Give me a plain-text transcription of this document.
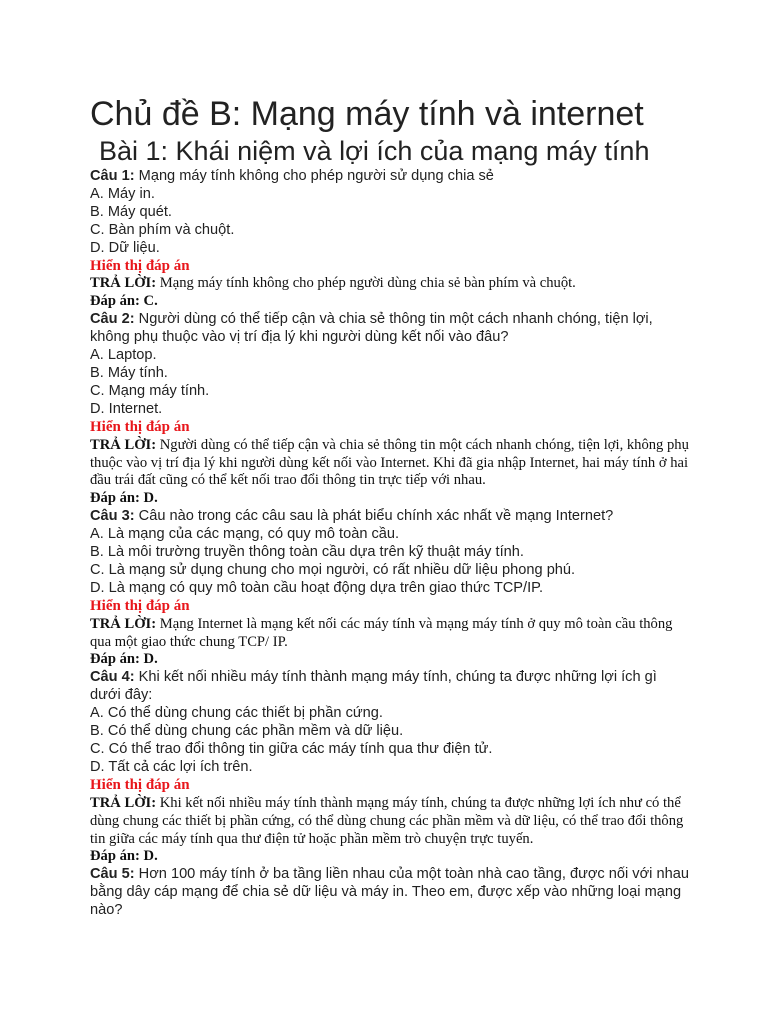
Chủ đề B: Mạng máy tính và internet
Bài 1: Khái niệm và lợi ích của mạng máy tính
Câu 1: Mạng máy tính không cho phép người sử dụng chia sẻ
A. Máy in.
B. Máy quét.
C. Bàn phím và chuột.
D. Dữ liệu.
Hiển thị đáp án
TRẢ LỜI: Mạng máy tính không cho phép người dùng chia sẻ bàn phím và chuột.
Đáp án: C.
Câu 2: Người dùng có thể tiếp cận và chia sẻ thông tin một cách nhanh chóng, tiện lợi, không phụ thuộc vào vị trí địa lý khi người dùng kết nối vào đâu?
A. Laptop.
B. Máy tính.
C. Mạng máy tính.
D. Internet.
Hiển thị đáp án
TRẢ LỜI: Người dùng có thể tiếp cận và chia sẻ thông tin một cách nhanh chóng, tiện lợi, không phụ thuộc vào vị trí địa lý khi người dùng kết nối vào Internet. Khi đã gia nhập Internet, hai máy tính ở hai đầu trái đất cũng có thể kết nối trao đổi thông tin trực tiếp với nhau.
Đáp án: D.
Câu 3: Câu nào trong các câu sau là phát biểu chính xác nhất về mạng Internet?
A. Là mạng của các mạng, có quy mô toàn cầu.
B. Là môi trường truyền thông toàn cầu dựa trên kỹ thuật máy tính.
C. Là mạng sử dụng chung cho mọi người, có rất nhiều dữ liệu phong phú.
D. Là mạng có quy mô toàn cầu hoạt động dựa trên giao thức TCP/IP.
Hiển thị đáp án
TRẢ LỜI: Mạng Internet là mạng kết nối các máy tính và mạng máy tính ở quy mô toàn cầu thông qua một giao thức chung TCP/ IP.
Đáp án: D.
Câu 4: Khi kết nối nhiều máy tính thành mạng máy tính, chúng ta được những lợi ích gì dưới đây:
A. Có thể dùng chung các thiết bị phần cứng.
B. Có thể dùng chung các phần mềm và dữ liệu.
C. Có thể trao đổi thông tin giữa các máy tính qua thư điện tử.
D. Tất cả các lợi ích trên.
Hiển thị đáp án
TRẢ LỜI: Khi kết nối nhiều máy tính thành mạng máy tính, chúng ta được những lợi ích như có thể dùng chung các thiết bị phần cứng, có thể dùng chung các phần mềm và dữ liệu, có thể trao đổi thông tin giữa các máy tính qua thư điện tử hoặc phần mềm trò chuyện trực tuyến.
Đáp án: D.
Câu 5: Hơn 100 máy tính ở ba tầng liền nhau của một toàn nhà cao tầng, được nối với nhau bằng dây cáp mạng để chia sẻ dữ liệu và máy in. Theo em, được xếp vào những loại mạng nào?
